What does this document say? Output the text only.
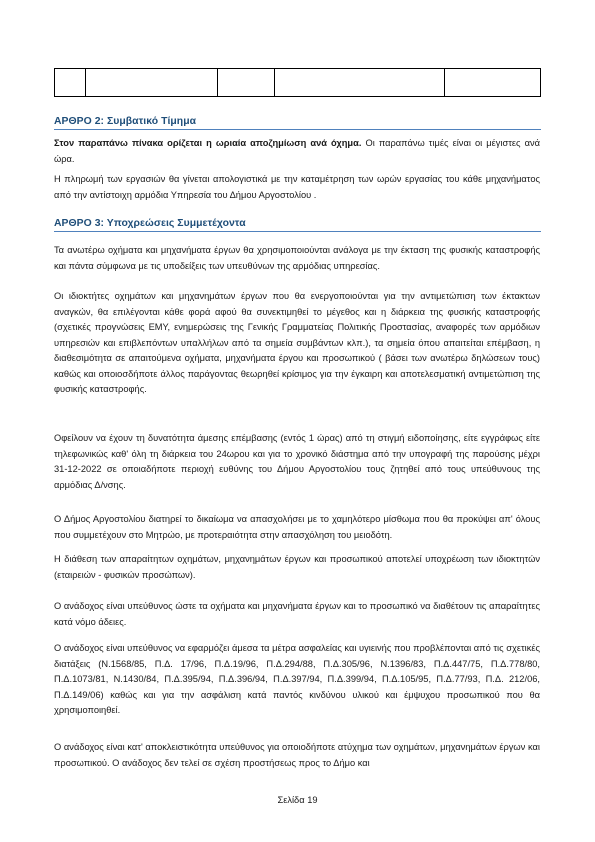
ΑΡΘΡΟ 2: Συμβατικό Τίμημα
Στον παραπάνω πίνακα ορίζεται η ωριαία αποζημίωση ανά όχημα. Οι παραπάνω τιμές είναι οι μέγιστες ανά ώρα.
Η πληρωμή των εργασιών θα γίνεται απολογιστικά με την καταμέτρηση των ωρών εργασίας του κάθε μηχανήματος από την αντίστοιχη αρμόδια Υπηρεσία του Δήμου Αργοστολίου .
ΑΡΘΡΟ 3: Υποχρεώσεις Συμμετέχοντα
Τα ανωτέρω οχήματα και μηχανήματα έργων θα χρησιμοποιούνται ανάλογα με την έκταση της φυσικής καταστροφής και πάντα σύμφωνα με τις υποδείξεις των υπευθύνων της αρμόδιας υπηρεσίας.
Οι ιδιοκτήτες οχημάτων και μηχανημάτων έργων που θα ενεργοποιούνται για την αντιμετώπιση των έκτακτων αναγκών, θα επιλέγονται κάθε φορά αφού θα συνεκτιμηθεί το μέγεθος και η διάρκεια της φυσικής καταστροφής (σχετικές προγνώσεις ΕΜΥ, ενημερώσεις της Γενικής Γραμματείας Πολιτικής Προστασίας, αναφορές των αρμόδιων υπηρεσιών και επιβλεπόντων υπαλλήλων από τα σημεία συμβάντων κλπ.), τα σημεία όπου απαιτείται επέμβαση, η διαθεσιμότητα σε απαιτούμενα οχήματα, μηχανήματα έργου και προσωπικού ( βάσει των ανωτέρω δηλώσεων τους) καθώς και οποιοσδήποτε άλλος παράγοντας θεωρηθεί κρίσιμος για την έγκαιρη και αποτελεσματική αντιμετώπιση της φυσικής καταστροφής.
Οφείλουν να έχουν τη δυνατότητα άμεσης επέμβασης (εντός 1 ώρας) από τη στιγμή ειδοποίησης, είτε εγγράφως είτε τηλεφωνικώς καθ' όλη τη διάρκεια του 24ωρου και για το χρονικό διάστημα από την υπογραφή της παρούσης μέχρι 31-12-2022 σε οποιαδήποτε περιοχή ευθύνης του Δήμου Αργοστολίου τους ζητηθεί από τους υπεύθυνους της αρμόδιας Δ/νσης.
Ο Δήμος Αργοστολίου διατηρεί το δικαίωμα να απασχολήσει με το χαμηλότερο μίσθωμα που θα προκύψει απ' όλους που συμμετέχουν στο Μητρώο, με προτεραιότητα στην απασχόληση του μειοδότη.
Η διάθεση των απαραίτητων οχημάτων, μηχανημάτων έργων και προσωπικού αποτελεί υποχρέωση των ιδιοκτητών (εταιρειών - φυσικών προσώπων).
Ο ανάδοχος είναι υπεύθυνος ώστε τα οχήματα και μηχανήματα έργων και το προσωπικό να διαθέτουν τις απαραίτητες κατά νόμο άδειες.
Ο ανάδοχος είναι υπεύθυνος να εφαρμόζει άμεσα τα μέτρα ασφαλείας και υγιεινής που προβλέπονται από τις σχετικές διατάξεις (Ν.1568/85, Π.Δ. 17/96, Π.Δ.19/96, Π.Δ.294/88, Π.Δ.305/96, Ν.1396/83, Π.Δ.447/75, Π.Δ.778/80, Π.Δ.1073/81, Ν.1430/84, Π.Δ.395/94, Π.Δ.396/94, Π.Δ.397/94, Π.Δ.399/94, Π.Δ.105/95, Π.Δ.77/93, Π.Δ. 212/06, Π.Δ.149/06) καθώς και για την ασφάλιση κατά παντός κινδύνου υλικού και έμψυχου προσωπικού που θα χρησιμοποιηθεί.
Ο ανάδοχος είναι κατ' αποκλειστικότητα υπεύθυνος για οποιοδήποτε ατύχημα των οχημάτων, μηχανημάτων έργων και προσωπικού. Ο ανάδοχος δεν τελεί σε σχέση προστήσεως προς το Δήμο και
Σελίδα 19
